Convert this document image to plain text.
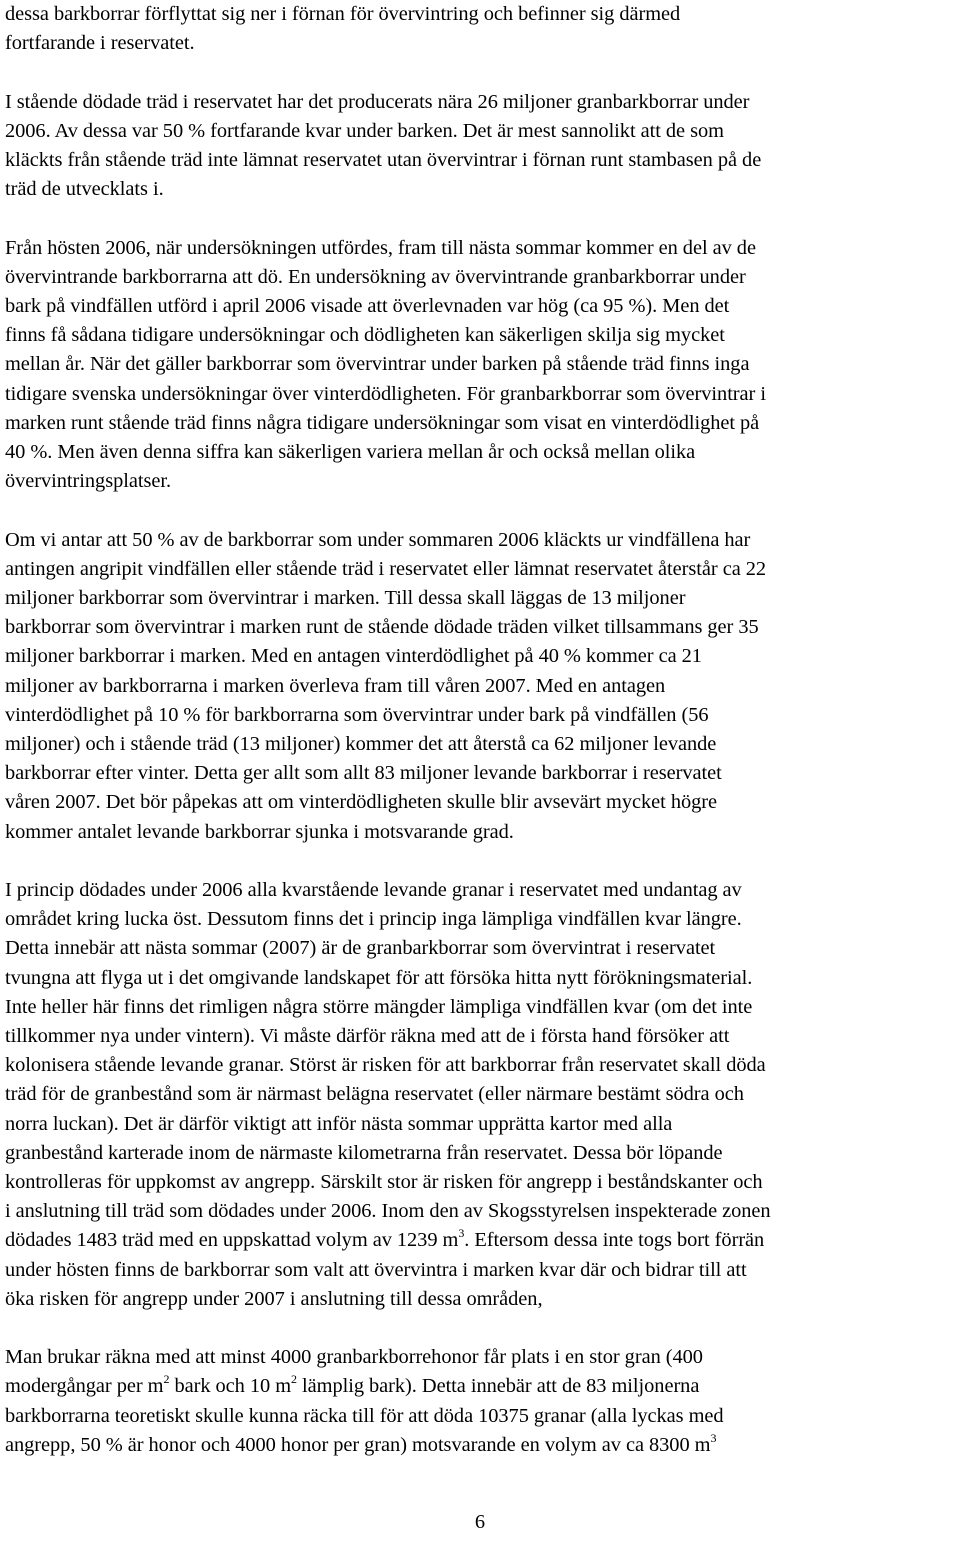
dessa barkborrar förflyttat sig ner i förnan för övervintring och befinner sig därmed
fortfarande i reservatet.

I stående dödade träd i reservatet har det producerats nära 26 miljoner granbarkborrar under
2006. Av dessa var 50 % fortfarande kvar under barken. Det är mest sannolikt att de som
kläckts från stående träd inte lämnat reservatet utan övervintrar i förnan runt stambasen på de
träd de utvecklats i.

Från hösten 2006, när undersökningen utfördes, fram till nästa sommar kommer en del av de
övervintrande barkborrarna att dö. En undersökning av övervintrande granbarkborrar under
bark på vindfällen utförd i april 2006 visade att överlevnaden var hög (ca 95 %). Men det
finns få sådana tidigare undersökningar och dödligheten kan säkerligen skilja sig mycket
mellan år. När det gäller barkborrar som övervintrar under barken på stående träd finns inga
tidigare svenska undersökningar över vinterdödligheten. För granbarkborrar som övervintrar i
marken runt stående träd finns några tidigare undersökningar som visat en vinterdödlighet på
40 %. Men även denna siffra kan säkerligen variera mellan år och också mellan olika
övervintringsplatser.

Om vi antar att 50 % av de barkborrar som under sommaren 2006 kläckts ur vindfällena har
antingen angripit vindfällen eller stående träd i reservatet eller lämnat reservatet återstår ca 22
miljoner barkborrar som övervintrar i marken. Till dessa skall läggas de 13 miljoner
barkborrar som övervintrar i marken runt de stående dödade träden vilket tillsammans ger 35
miljoner barkborrar i marken. Med en antagen vinterdödlighet på 40 % kommer ca 21
miljoner av barkborrarna i marken överleva fram till våren 2007. Med en antagen
vinterdödlighet på 10 % för barkborrarna som övervintrar under bark på vindfällen (56
miljoner) och i stående träd (13 miljoner) kommer det att återstå ca 62 miljoner levande
barkborrar efter vinter. Detta ger allt som allt 83 miljoner levande barkborrar i reservatet
våren 2007. Det bör påpekas att om vinterdödligheten skulle blir avsevärt mycket högre
kommer antalet levande barkborrar sjunka i motsvarande grad.

I princip dödades under 2006 alla kvarstående levande granar i reservatet med undantag av
området kring lucka öst. Dessutom finns det i princip inga lämpliga vindfällen kvar längre.
Detta innebär att nästa sommar (2007) är de granbarkborrar som övervintrat i reservatet
tvungna att flyga ut i det omgivande landskapet för att försöka hitta nytt förökningsmaterial.
Inte heller här finns det rimligen några större mängder lämpliga vindfällen kvar (om det inte
tillkommer nya under vintern). Vi måste därför räkna med att de i första hand försöker att
kolonisera stående levande granar. Störst är risken för att barkborrar från reservatet skall döda
träd för de granbestånd som är närmast belägna reservatet (eller närmare bestämt södra och
norra luckan). Det är därför viktigt att inför nästa sommar upprätta kartor med alla
granbestånd karterade inom de närmaste kilometrarna från reservatet. Dessa bör löpande
kontrolleras för uppkomst av angrepp. Särskilt stor är risken för angrepp i beståndskanter och
i anslutning till träd som dödades under 2006. Inom den av Skogsstyrelsen inspekterade zonen
dödades 1483 träd med en uppskattad volym av 1239 $m^3$. Eftersom dessa inte togs bort förrän
under hösten finns de barkborrar som valt att övervintra i marken kvar där och bidrar till att
öka risken för angrepp under 2007 i anslutning till dessa områden,

Man brukar räkna med att minst 4000 granbarkborrehonor får plats i en stor gran (400
modergångar per $m^2$ bark och 10 $m^2$ lämplig bark). Detta innebär att de 83 miljonerna
barkborrarna teoretiskt skulle kunna räcka till för att döda 10375 granar (alla lyckas med
angrepp, 50 % är honor och 4000 honor per gran) motsvarande en volym av ca 8300 $m^3$

6
